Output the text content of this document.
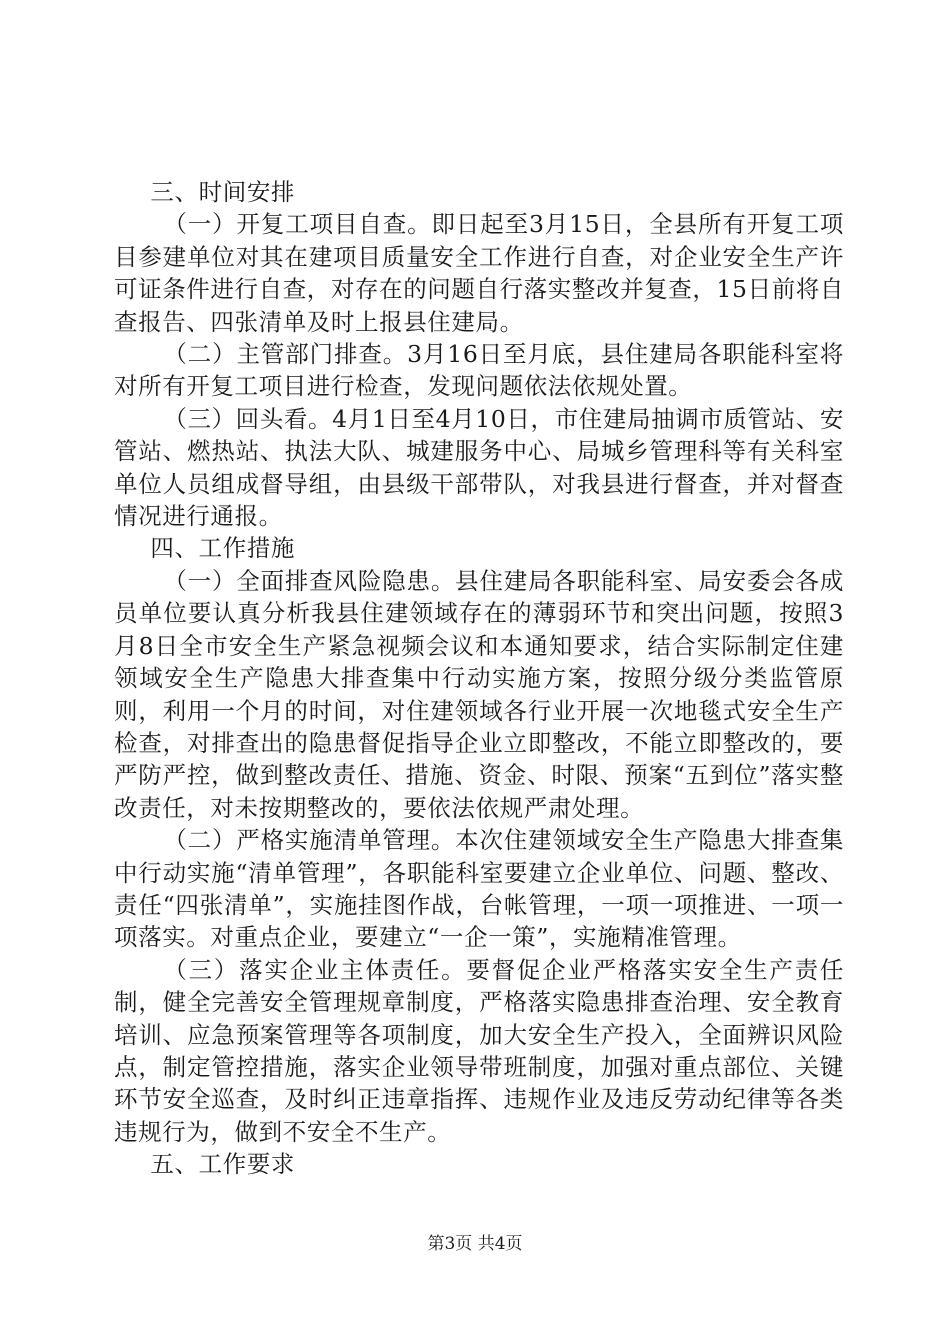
三、时间安排

（一）开复工项目自查。即日起至3月15日，全县所有开复工项目参建单位对其在建项目质量安全工作进行自查，对企业安全生产许可证条件进行自查，对存在的问题自行落实整改并复查，15日前将自查报告、四张清单及时上报县住建局。

（二）主管部门排查。3月16日至月底，县住建局各职能科室将对所有开复工项目进行检查，发现问题依法依规处置。

（三）回头看。4月1日至4月10日，市住建局抽调市质管站、安管站、燃热站、执法大队、城建服务中心、局城乡管理科等有关科室单位人员组成督导组，由县级干部带队，对我县进行督查，并对督查情况进行通报。

四、工作措施

（一）全面排查风险隐患。县住建局各职能科室、局安委会各成员单位要认真分析我县住建领域存在的薄弱环节和突出问题，按照3月8日全市安全生产紧急视频会议和本通知要求，结合实际制定住建领域安全生产隐患大排查集中行动实施方案，按照分级分类监管原则，利用一个月的时间，对住建领域各行业开展一次地毯式安全生产检查，对排查出的隐患督促指导企业立即整改，不能立即整改的，要严防严控，做到整改责任、措施、资金、时限、预案“五到位”落实整改责任，对未按期整改的，要依法依规严肃处理。

（二）严格实施清单管理。本次住建领域安全生产隐患大排查集中行动实施“清单管理”，各职能科室要建立企业单位、问题、整改、责任“四张清单”，实施挂图作战，台帐管理，一项一项推进、一项一项落实。对重点企业，要建立“一企一策”，实施精准管理。

（三）落实企业主体责任。要督促企业严格落实安全生产责任制，健全完善安全管理规章制度，严格落实隐患排查治理、安全教育培训、应急预案管理等各项制度，加大安全生产投入，全面辨识风险点，制定管控措施，落实企业领导带班制度，加强对重点部位、关键环节安全巡查，及时纠正违章指挥、违规作业及违反劳动纪律等各类违规行为，做到不安全不生产。

五、工作要求

第3页 共4页
